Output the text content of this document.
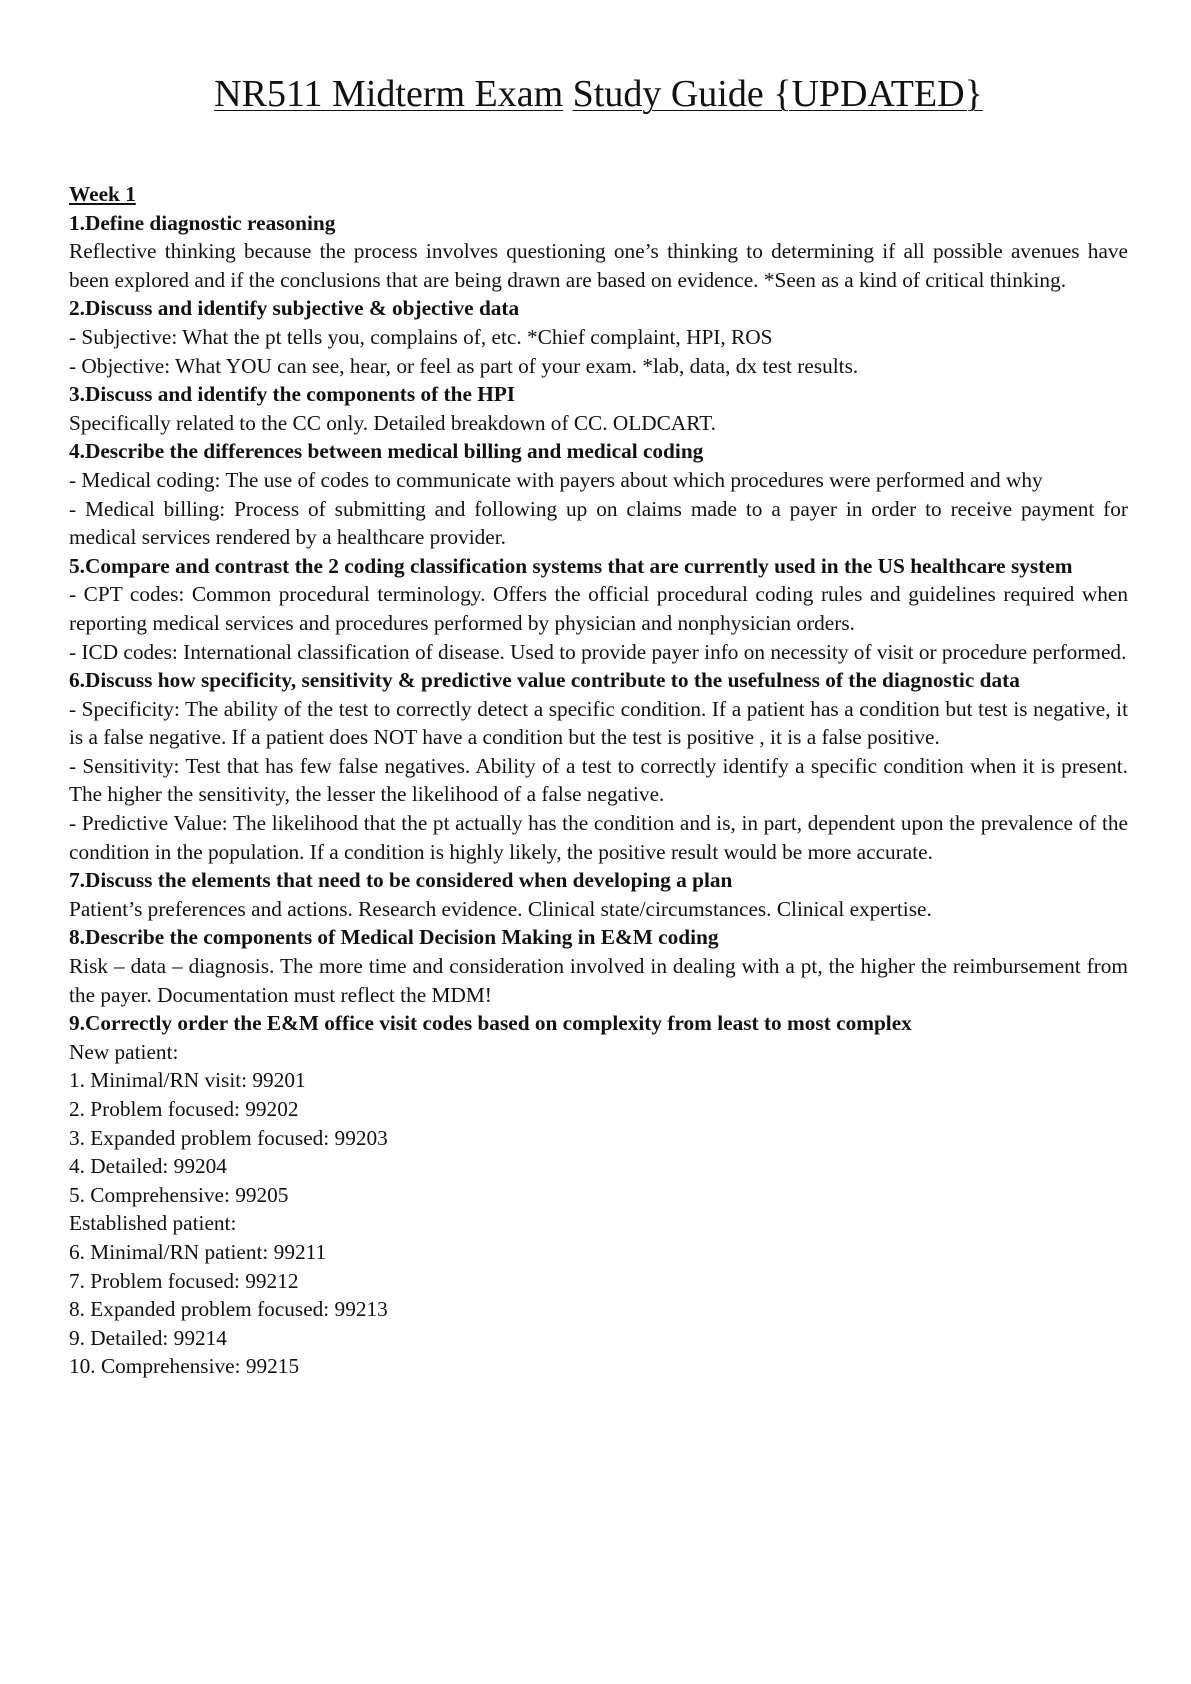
NR511 Midterm Exam Study Guide {UPDATED}

Week 1

1.Define diagnostic reasoning

Reflective thinking because the process involves questioning one’s thinking to determining if all possible avenues have been explored and if the conclusions that are being drawn are based on evidence. *Seen as a kind of critical thinking.

2.Discuss and identify subjective & objective data

- Subjective: What the pt tells you, complains of, etc. *Chief complaint, HPI, ROS

- Objective: What YOU can see, hear, or feel as part of your exam. *lab, data, dx test results.

3.Discuss and identify the components of the HPI

Specifically related to the CC only. Detailed breakdown of CC. OLDCART.

4.Describe the differences between medical billing and medical coding

- Medical coding: The use of codes to communicate with payers about which procedures were performed and why

- Medical billing: Process of submitting and following up on claims made to a payer in order to receive payment for medical services rendered by a healthcare provider.

5.Compare and contrast the 2 coding classification systems that are currently used in the US healthcare system

- CPT codes: Common procedural terminology. Offers the official procedural coding rules and guidelines required when reporting medical services and procedures performed by physician and nonphysician orders.

- ICD codes: International classification of disease. Used to provide payer info on necessity of visit or procedure performed.

6.Discuss how specificity, sensitivity & predictive value contribute to the usefulness of the diagnostic data

- Specificity: The ability of the test to correctly detect a specific condition. If a patient has a condition but test is negative, it is a false negative. If a patient does NOT have a condition but the test is positive , it is a false positive.

- Sensitivity: Test that has few false negatives. Ability of a test to correctly identify a specific condition when it is present. The higher the sensitivity, the lesser the likelihood of a false negative.

- Predictive Value: The likelihood that the pt actually has the condition and is, in part, dependent upon the prevalence of the condition in the population. If a condition is highly likely, the positive result would be more accurate.

7.Discuss the elements that need to be considered when developing a plan

Patient’s preferences and actions. Research evidence. Clinical state/circumstances. Clinical expertise.

8.Describe the components of Medical Decision Making in E&M coding

Risk – data – diagnosis. The more time and consideration involved in dealing with a pt, the higher the reimbursement from the payer. Documentation must reflect the MDM!

9.Correctly order the E&M office visit codes based on complexity from least to most complex

New patient:

1. Minimal/RN visit: 99201

2. Problem focused: 99202

3. Expanded problem focused: 99203

4. Detailed: 99204

5. Comprehensive: 99205

Established patient:

6. Minimal/RN patient: 99211

7. Problem focused: 99212

8. Expanded problem focused: 99213

9. Detailed: 99214

10. Comprehensive: 99215
